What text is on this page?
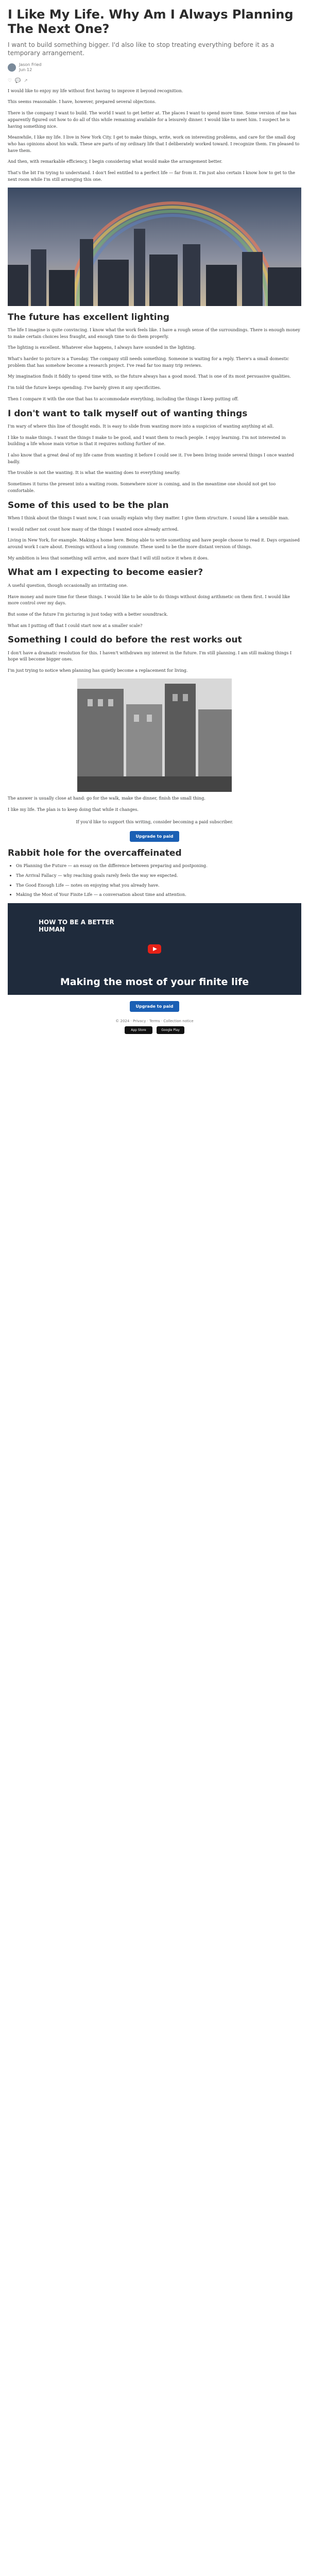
I Like My Life. Why Am I Always Planning The Next One?
I want to build something bigger. I'd also like to stop treating everything before it as a temporary arrangement.
Jason Fried
Jun 12
♡ 💬 ↗

I would like to enjoy my life without first having to improve it beyond recognition.

This seems reasonable. I have, however, prepared several objections.

There is the company I want to build. The world I want to get better at. The places I want to spend more time. Some version of me has apparently figured out how to do all of this while remaining available for a leisurely dinner. I would like to meet him. I suspect he is having something nice.

Meanwhile, I like my life. I live in New York City. I get to make things, write, work on interesting problems, and care for the small dog who has opinions about his walk. These are parts of my ordinary life that I deliberately worked toward. I recognize them. I'm pleased to have them.

And then, with remarkable efficiency, I begin considering what would make the arrangement better.

That's the bit I'm trying to understand. I don't feel entitled to a perfect life — far from it. I'm just also certain I know how to get to the next room while I'm still arranging this one.

The future has excellent lighting

The life I imagine is quite convincing. I know what the work feels like. I have a rough sense of the surroundings. There is enough money to make certain choices less fraught, and enough time to do them properly.

The lighting is excellent. Whatever else happens, I always have sounded in the lighting.

What's harder to picture is a Tuesday. The company still needs something. Someone is waiting for a reply. There's a small domestic problem that has somehow become a research project. I've read far too many trip reviews.

My imagination finds it fiddly to spend time with, so the future always has a good mood. That is one of its most persuasive qualities.

I'm told the future keeps spending. I've barely given it any specificities.

Then I compare it with the one that has to accommodate everything, including the things I keep putting off.

I don't want to talk myself out of wanting things

I'm wary of where this line of thought ends. It is easy to slide from wanting more into a suspicion of wanting anything at all.

I like to make things. I want the things I make to be good, and I want them to reach people. I enjoy learning. I'm not interested in building a life whose main virtue is that it requires nothing further of me.

I also know that a great deal of my life came from wanting it before I could see it. I've been living inside several things I once wanted badly.

The trouble is not the wanting. It is what the wanting does to everything nearby.

Sometimes it turns the present into a waiting room. Somewhere nicer is coming, and in the meantime one should not get too comfortable.

Some of this used to be the plan

When I think about the things I want now, I can usually explain why they matter. I give them structure. I sound like a sensible man.

I would rather not count how many of the things I wanted once already arrived.

Living in New York, for example. Making a home here. Being able to write something and have people choose to read it. Days organised around work I care about. Evenings without a long commute. These used to be the more distant version of things.

My ambition is less that something will arrive, and more that I will still notice it when it does.

What am I expecting to become easier?

A useful question, though occasionally an irritating one.

Have money and more time for these things. I would like to be able to do things without doing arithmetic on them first. I would like more control over my days.

But some of the future I'm picturing is just today with a better soundtrack.

What am I putting off that I could start now at a smaller scale?

Something I could do before the rest works out

I don't have a dramatic resolution for this. I haven't withdrawn my interest in the future. I'm still planning. I am still making things I hope will become bigger ones.

I'm just trying to notice when planning has quietly become a replacement for living.

The answer is usually close at hand: go for the walk, make the dinner, finish the small thing.

I like my life. The plan is to keep doing that while it changes.

If you'd like to support this writing, consider becoming a paid subscriber.

Upgrade to paid
Rabbit hole for the overcaffeinated
• On Planning the Future — an essay on the difference between preparing and postponing.
• The Arrival Fallacy — why reaching goals rarely feels the way we expected.
• The Good Enough Life — notes on enjoying what you already have.
• Making the Most of Your Finite Life — a conversation about time and attention.
HOW TO BE A BETTER HUMAN
Making the most of your finite life
Upgrade to paid
© 2024 · Privacy · Terms · Collection notice
App Store	Google Play
